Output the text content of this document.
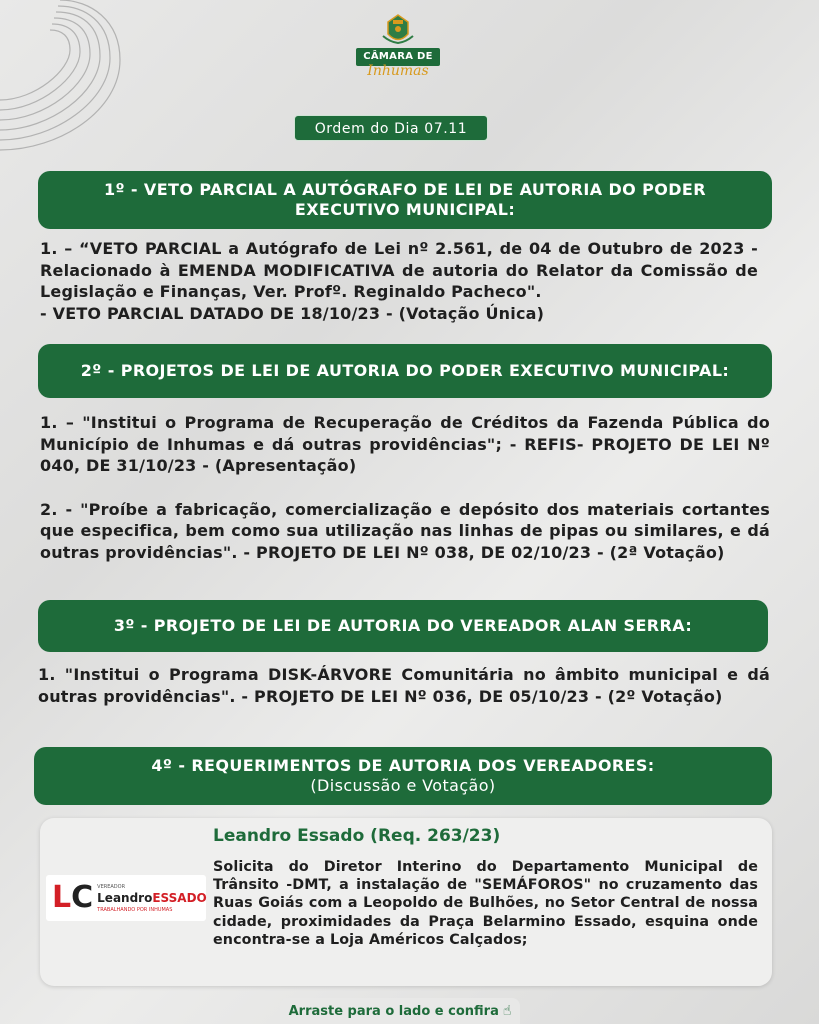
CÂMARA DE
Inhumas
Ordem do Dia 07.11
1º - VETO PARCIAL A AUTÓGRAFO DE LEI DE AUTORIA DO PODER EXECUTIVO MUNICIPAL:

1. – “VETO PARCIAL a Autógrafo de Lei nº 2.561, de 04 de Outubro de 2023 - Relacionado à EMENDA MODIFICATIVA de autoria do Relator da Comissão de Legislação e Finanças, Ver. Profº. Reginaldo Pacheco".

- VETO PARCIAL DATADO DE 18/10/23 - (Votação Única)

2º - PROJETOS DE LEI DE AUTORIA DO PODER EXECUTIVO MUNICIPAL:

1. – "Institui o Programa de Recuperação de Créditos da Fazenda Pública do Município de Inhumas e dá outras providências"; - REFIS- PROJETO DE LEI Nº 040, DE 31/10/23 - (Apresentação)

2. - "Proíbe a fabricação, comercialização e depósito dos materiais cortantes que especifica, bem como sua utilização nas linhas de pipas ou similares, e dá outras providências". - PROJETO DE LEI Nº 038, DE 02/10/23 - (2ª Votação)

3º - PROJETO DE LEI DE AUTORIA DO VEREADOR ALAN SERRA:

1. "Institui o Programa DISK-ÁRVORE Comunitária no âmbito municipal e dá outras providências". - PROJETO DE LEI Nº 036, DE 05/10/23 - (2º Votação)

4º - REQUERIMENTOS DE AUTORIA DOS VEREADORES:
(Discussão e Votação)
LC VEREADOR
LeandroESSADO
TRABALHANDO POR INHUMAS
Leandro Essado (Req. 263/23)
Solicita do Diretor Interino do Departamento Municipal de Trânsito -DMT, a instalação de "SEMÁFOROS" no cruzamento das Ruas Goiás com a Leopoldo de Bulhões, no Setor Central de nossa cidade, proximidades da Praça Belarmino Essado, esquina onde encontra-se a Loja Américos Calçados;
Arraste para o lado e confira ☝
